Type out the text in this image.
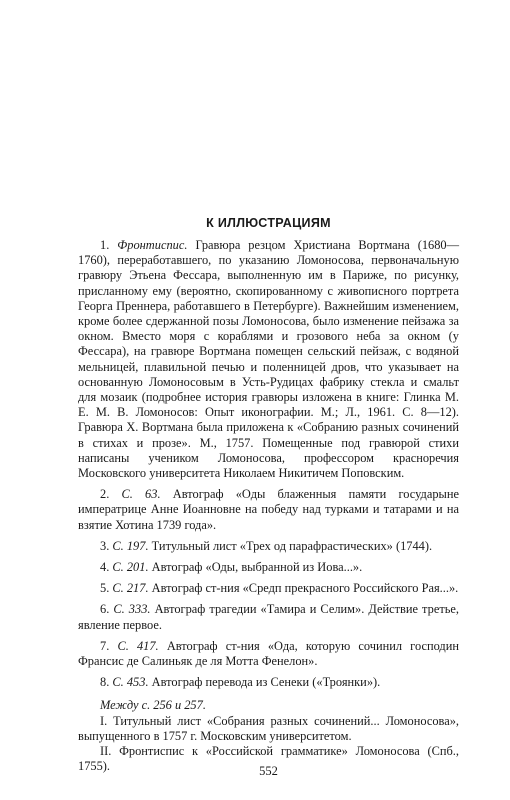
К ИЛЛЮСТРАЦИЯМ

1. Фронтиспис. Гравюра резцом Христиана Вортмана (1680—1760), переработавшего, по указанию Ломоносова, первоначальную гравюру Этьена Фессара, выполненную им в Париже, по рисунку, присланному ему (вероятно, скопированному с живописного портрета Георга Преннера, работавшего в Петербурге). Важнейшим изменением, кроме более сдержанной позы Ломоносова, было изменение пейзажа за окном. Вместо моря с кораблями и грозового неба за окном (у Фессара), на гравюре Вортмана помещен сельский пейзаж, с водяной мельницей, плавильной печью и поленницей дров, что указывает на основанную Ломоносовым в Усть-Рудицах фабрику стекла и смальт для мозаик (подробнее история гравюры изложена в книге: Глинка М. Е. М. В. Ломоносов: Опыт иконографии. М.; Л., 1961. С. 8—12). Гравюра Х. Вортмана была приложена к «Собранию разных сочинений в стихах и прозе». М., 1757. Помещенные под гравюрой стихи написаны учеником Ломоносова, профессором красноречия Московского университета Николаем Никитичем Поповским.

2. С. 63. Автограф «Оды блаженныя памяти государыне императрице Анне Иоанновне на победу над турками и татарами и на взятие Хотина 1739 года».

3. С. 197. Титульный лист «Трех од парафрастических» (1744).

4. С. 201. Автограф «Оды, выбранной из Иова...».

5. С. 217. Автограф ст-ния «Средп прекрасного Российского Рая...».

6. С. 333. Автограф трагедии «Тамира и Селим». Действие третье, явление первое.

7. С. 417. Автограф ст-ния «Ода, которую сочинил господин Франсис де Салиньяк де ля Мотта Фенелон».

8. С. 453. Автограф перевода из Сенеки («Троянки»).

Между с. 256 и 257.

I. Титульный лист «Собрания разных сочинений... Ломоносова», выпущенного в 1757 г. Московским университетом.

II. Фронтиспис к «Российской грамматике» Ломоносова (Спб., 1755).	552
